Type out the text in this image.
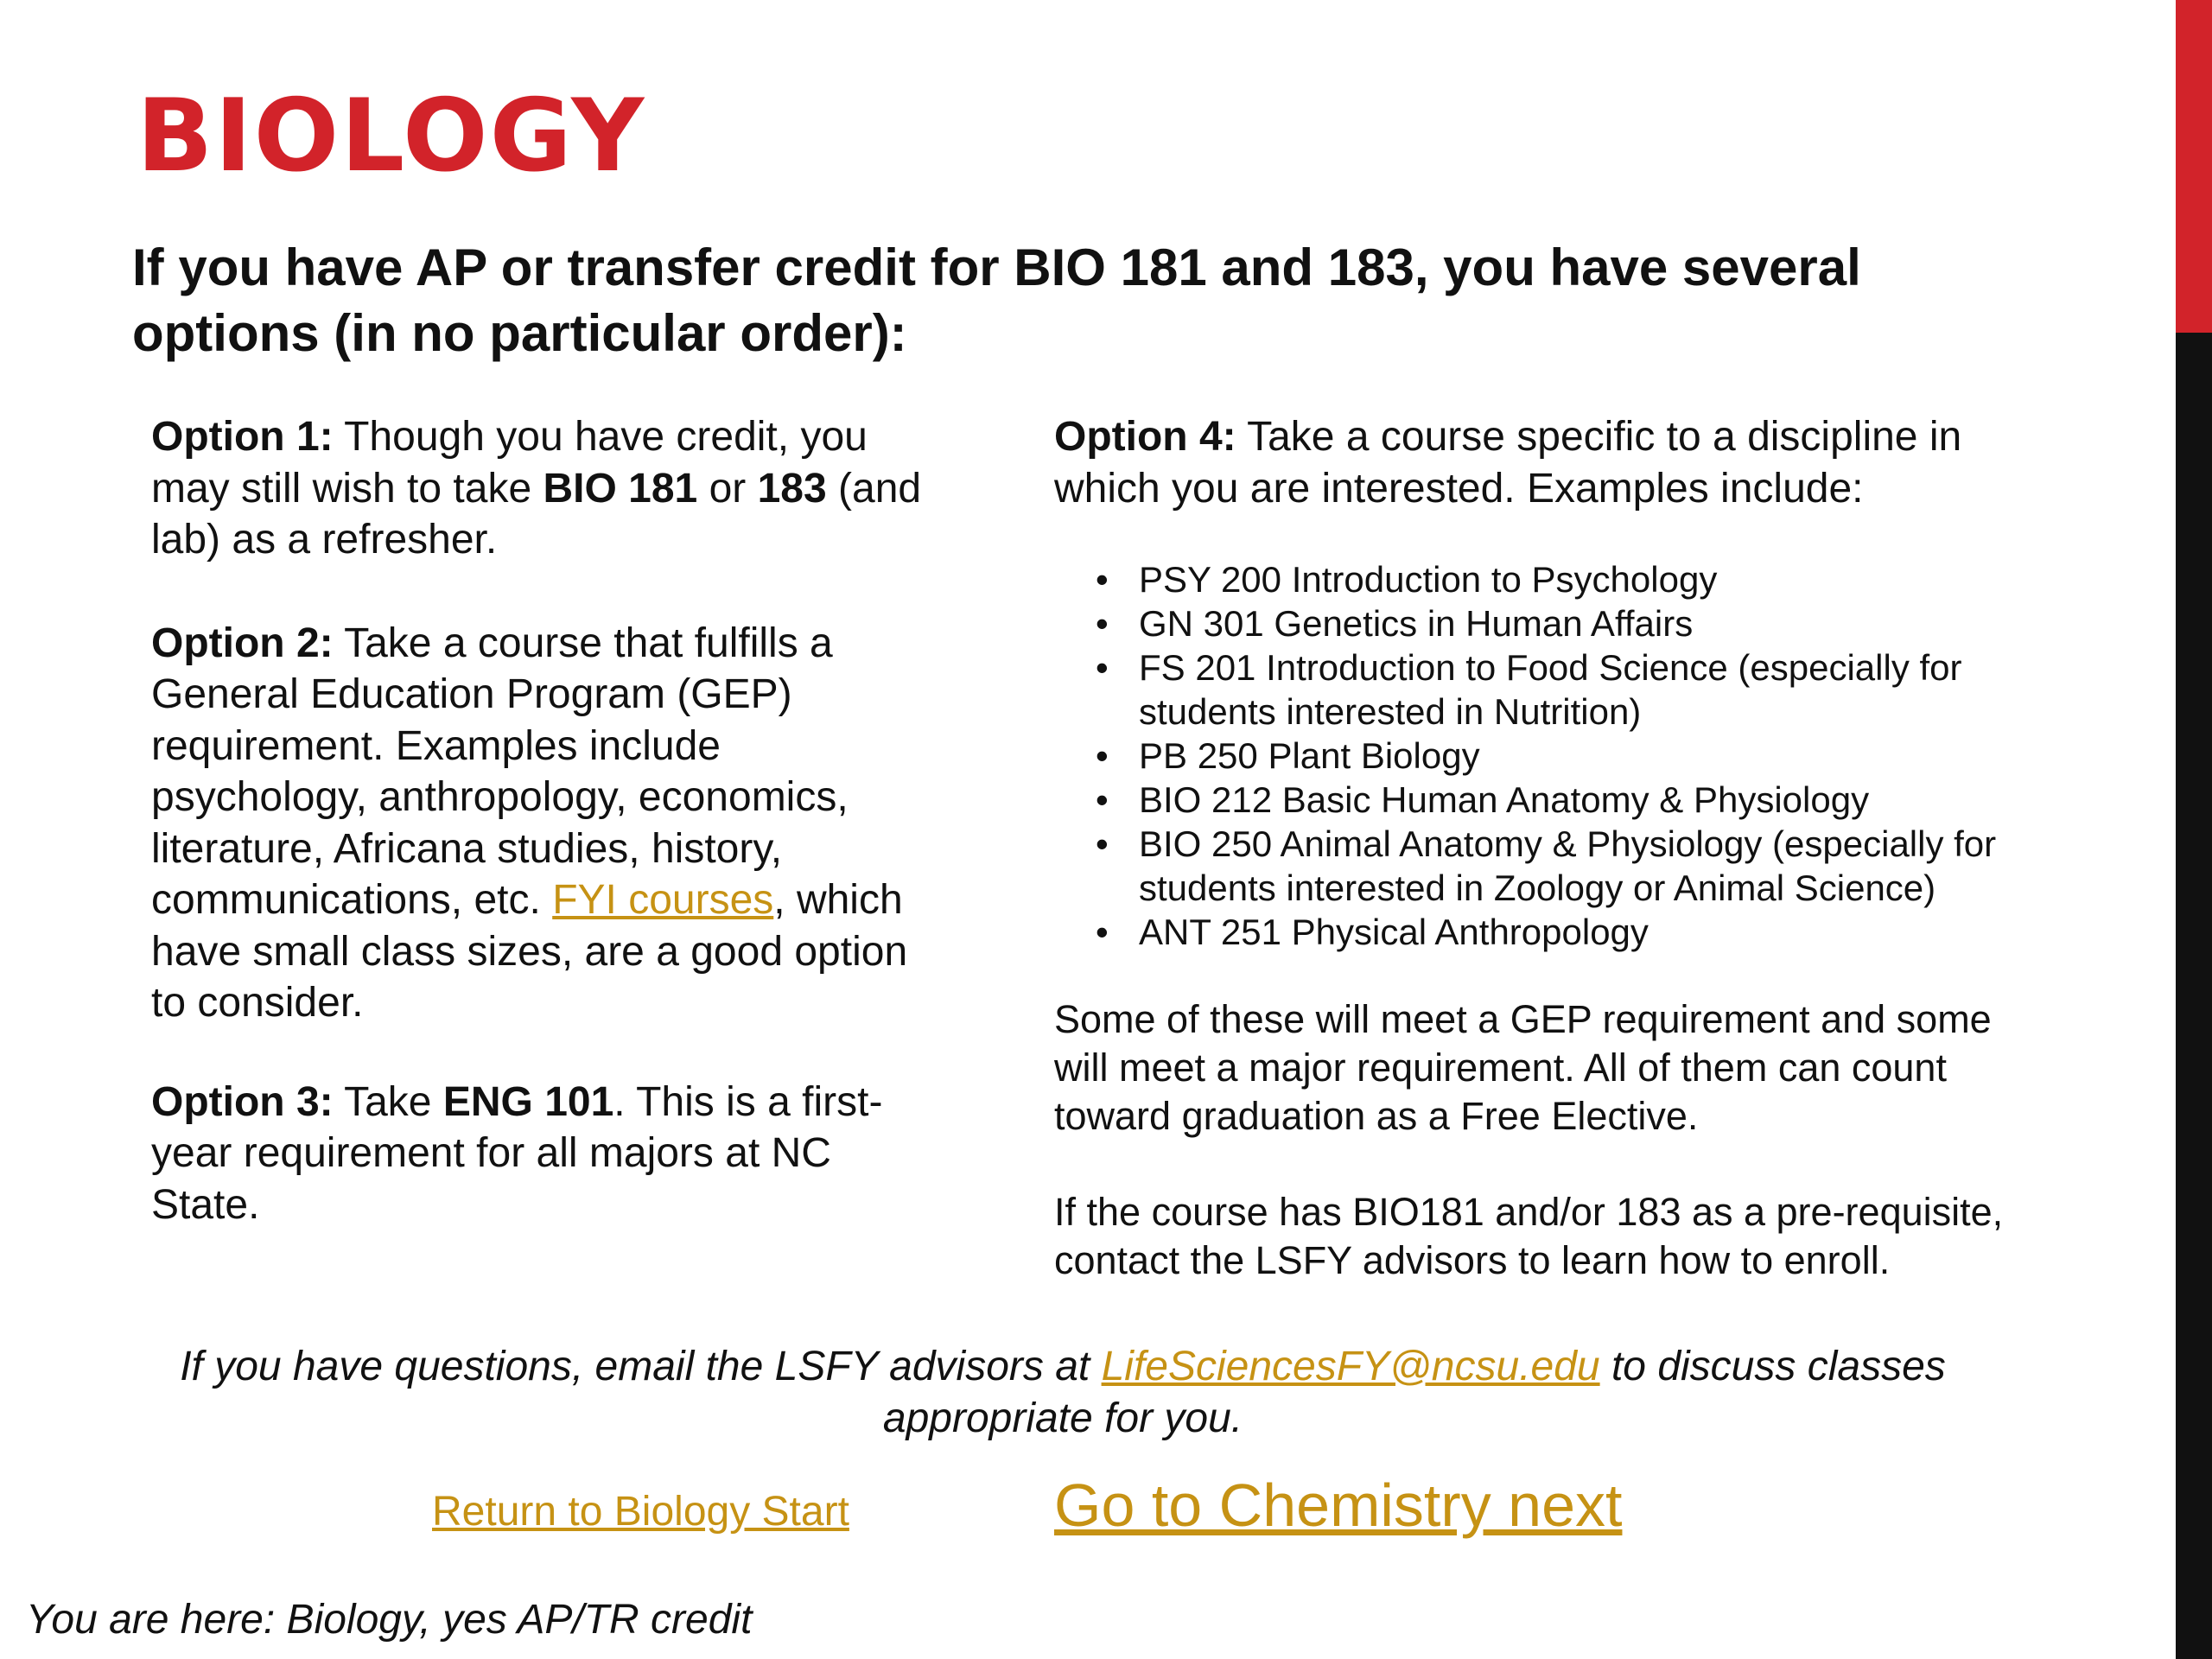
BIOLOGY
If you have AP or transfer credit for BIO 181 and 183, you have several options (in no particular order):

Option 1: Though you have credit, you may still wish to take BIO 181 or 183 (and lab) as a refresher.

Option 2: Take a course that fulfills a General Education Program (GEP) requirement. Examples include psychology, anthropology, economics, literature, Africana studies, history, communications, etc. FYI courses, which have small class sizes, are a good option to consider.

Option 3: Take ENG 101. This is a first-year requirement for all majors at NC State.

Option 4: Take a course specific to a discipline in which you are interested. Examples include:

• PSY 200 Introduction to Psychology
• GN 301 Genetics in Human Affairs
• FS 201 Introduction to Food Science (especially for students interested in Nutrition)
• PB 250 Plant Biology
• BIO 212 Basic Human Anatomy & Physiology
• BIO 250 Animal Anatomy & Physiology (especially for students interested in Zoology or Animal Science)
• ANT 251 Physical Anthropology

Some of these will meet a GEP requirement and some will meet a major requirement. All of them can count toward graduation as a Free Elective.

If the course has BIO181 and/or 183 as a pre-requisite, contact the LSFY advisors to learn how to enroll.

If you have questions, email the LSFY advisors at LifeSciencesFY@ncsu.edu to discuss classes appropriate for you.
Return to Biology Start	Go to Chemistry next
You are here: Biology, yes AP/TR credit
